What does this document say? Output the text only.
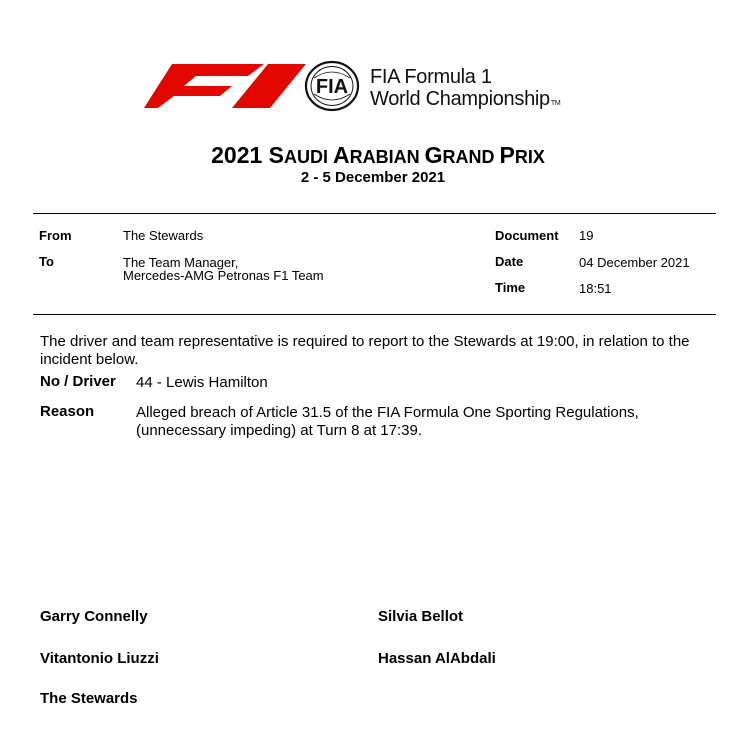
FIA FIA Formula 1
World ChampionshipTM
2021 SAUDI ARABIAN GRAND PRIX
2 - 5 December 2021
From	The Stewards
To	The Team Manager,
Mercedes-AMG Petronas F1 Team
Document 19
Date	04 December 2021
Time	18:51
The driver and team representative is required to report to the Stewards at 19:00, in relation to the incident below.
No / Driver 44 - Lewis Hamilton
Reason	Alleged breach of Article 31.5 of the FIA Formula One Sporting Regulations, (unnecessary impeding) at Turn 8 at 17:39.
Garry Connelly	Silvia Bellot
Vitantonio Liuzzi	Hassan AlAbdali
The Stewards
